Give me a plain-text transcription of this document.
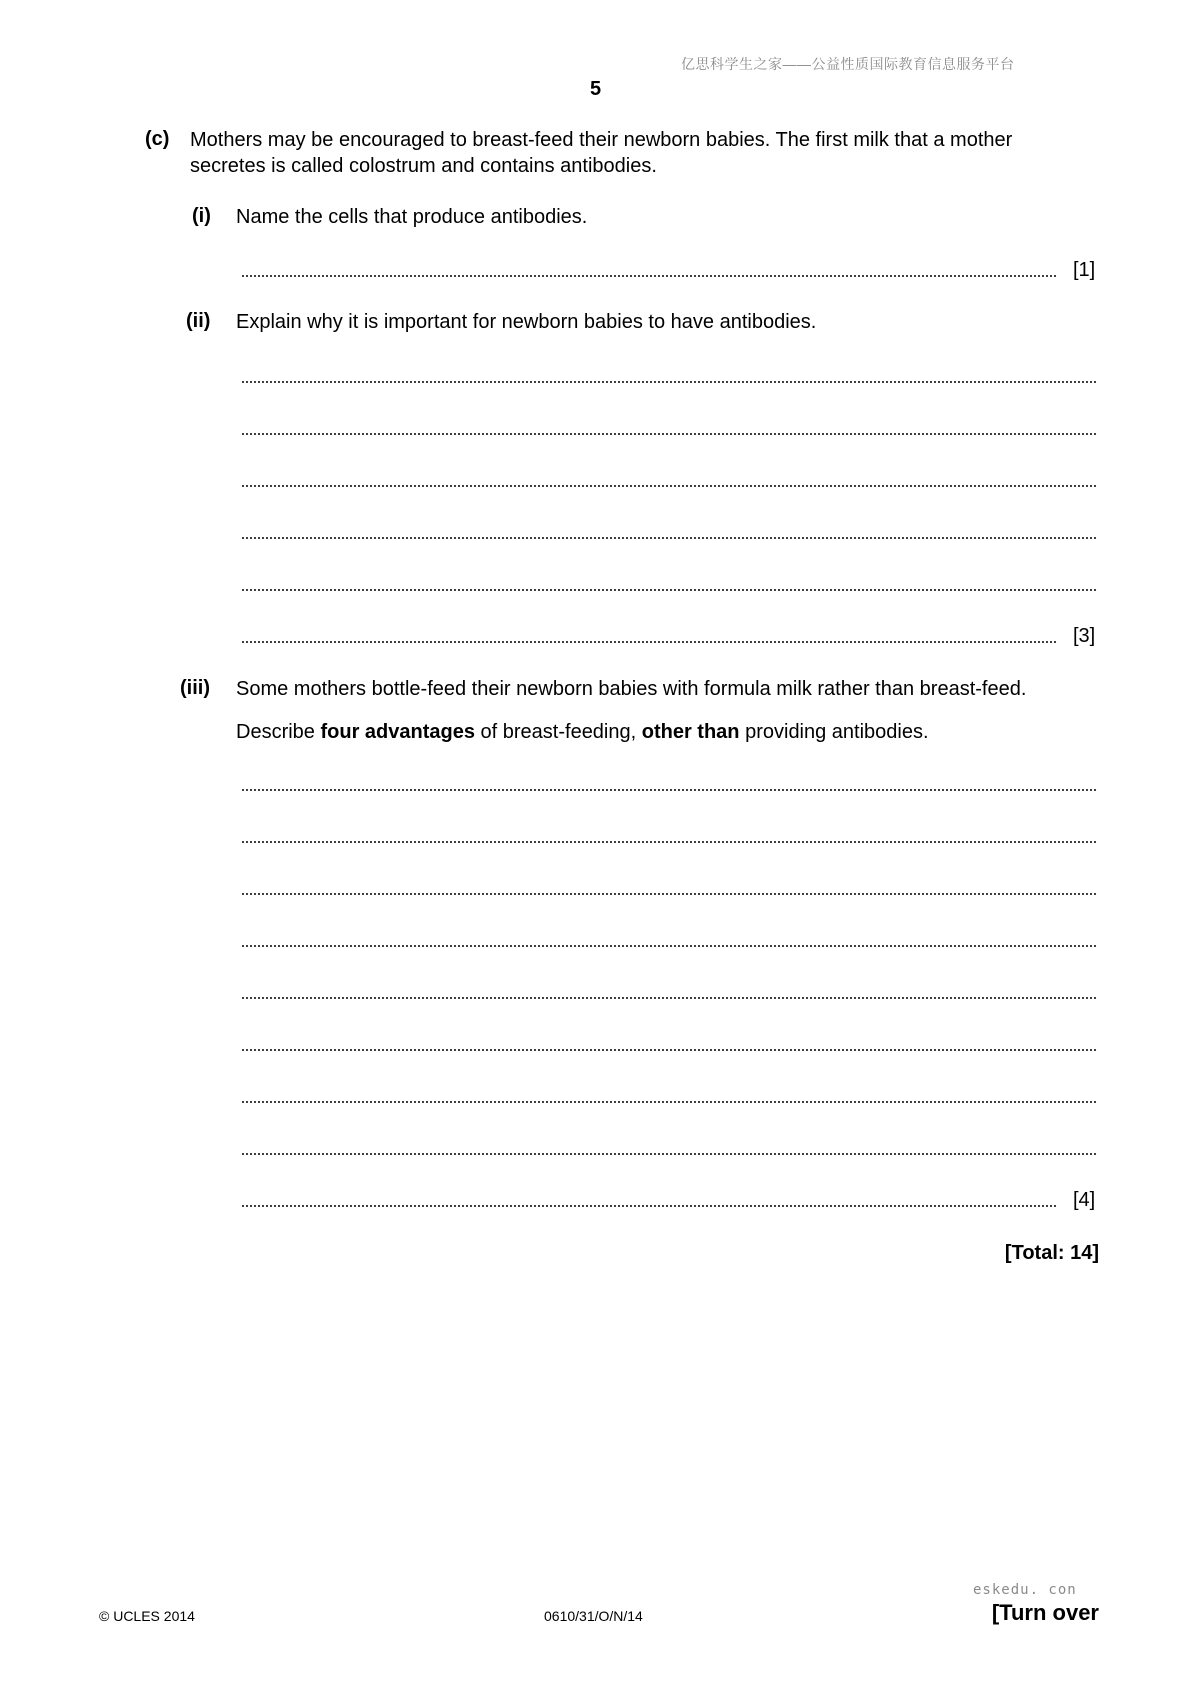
亿思科学生之家——公益性质国际教育信息服务平台
5
(c) Mothers may be encouraged to breast-feed their newborn babies. The first milk that a mother
secretes is called colostrum and contains antibodies.
(i) Name the cells that produce antibodies.
[1]
(ii) Explain why it is important for newborn babies to have antibodies.
[3]
(iii) Some mothers bottle-feed their newborn babies with formula milk rather than breast-feed.
Describe four advantages of breast-feeding, other than providing antibodies.
[4]
[Total: 14]
eskedu. con
© UCLES 2014	0610/31/O/N/14	[Turn over
